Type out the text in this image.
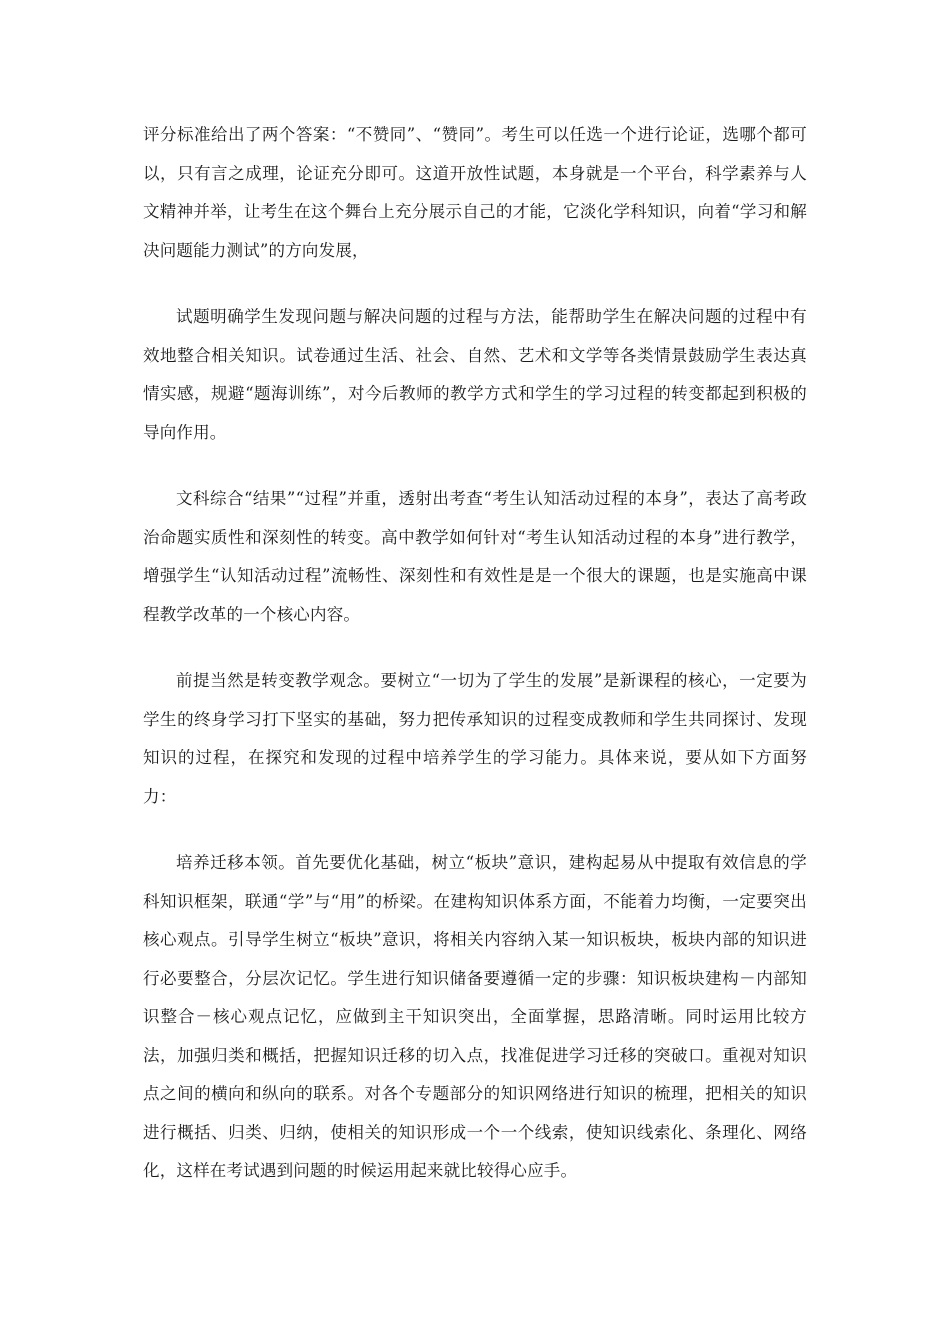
评分标准给出了两个答案：“不赞同”、“赞同”。考生可以任选一个进行论证，选哪个都可以，只有言之成理，论证充分即可。这道开放性试题，本身就是一个平台，科学素养与人文精神并举，让考生在这个舞台上充分展示自己的才能，它淡化学科知识，向着“学习和解决问题能力测试”的方向发展，

试题明确学生发现问题与解决问题的过程与方法，能帮助学生在解决问题的过程中有效地整合相关知识。试卷通过生活、社会、自然、艺术和文学等各类情景鼓励学生表达真情实感，规避“题海训练”，对今后教师的教学方式和学生的学习过程的转变都起到积极的导向作用。

文科综合“结果”“过程”并重，透射出考查“考生认知活动过程的本身”，表达了高考政治命题实质性和深刻性的转变。高中教学如何针对“考生认知活动过程的本身”进行教学，增强学生“认知活动过程”流畅性、深刻性和有效性是是一个很大的课题，也是实施高中课程教学改革的一个核心内容。

前提当然是转变教学观念。要树立“一切为了学生的发展”是新课程的核心，一定要为学生的终身学习打下坚实的基础，努力把传承知识的过程变成教师和学生共同探讨、发现知识的过程，在探究和发现的过程中培养学生的学习能力。具体来说，要从如下方面努力：

培养迁移本领。首先要优化基础，树立“板块”意识，建构起易从中提取有效信息的学科知识框架，联通“学”与“用”的桥梁。在建构知识体系方面，不能着力均衡，一定要突出核心观点。引导学生树立“板块”意识，将相关内容纳入某一知识板块，板块内部的知识进行必要整合，分层次记忆。学生进行知识储备要遵循一定的步骤：知识板块建构－内部知识整合－核心观点记忆，应做到主干知识突出，全面掌握，思路清晰。同时运用比较方法，加强归类和概括，把握知识迁移的切入点，找准促进学习迁移的突破口。重视对知识点之间的横向和纵向的联系。对各个专题部分的知识网络进行知识的梳理，把相关的知识进行概括、归类、归纳，使相关的知识形成一个一个线索，使知识线索化、条理化、网络化，这样在考试遇到问题的时候运用起来就比较得心应手。
